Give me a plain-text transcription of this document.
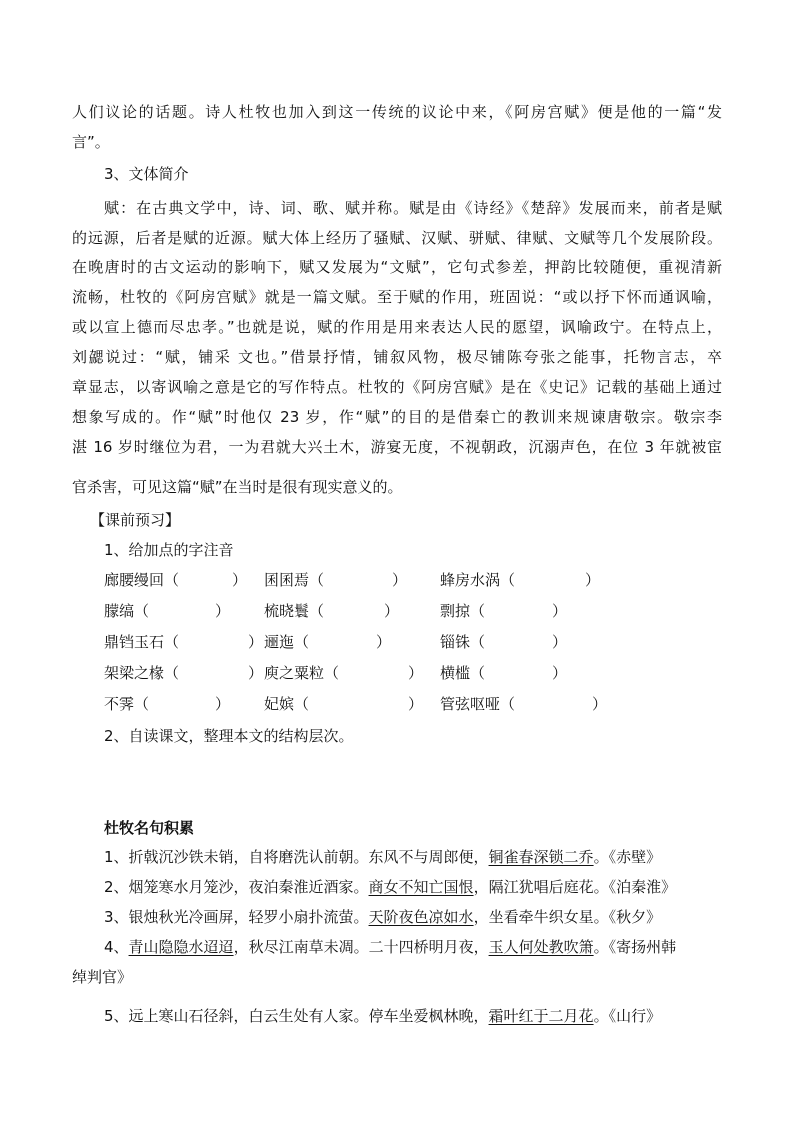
人们议论的话题。诗人杜牧也加入到这一传统的议论中来，《阿房宫赋》便是他的一篇“发
言”。
3、文体简介
赋：在古典文学中，诗、词、歌、赋并称。赋是由《诗经》《楚辞》发展而来，前者是赋
的远源，后者是赋的近源。赋大体上经历了骚赋、汉赋、骈赋、律赋、文赋等几个发展阶段。
在晚唐时的古文运动的影响下，赋又发展为“文赋”，它句式参差，押韵比较随便，重视清新
流畅，杜牧的《阿房宫赋》就是一篇文赋。至于赋的作用，班固说：“或以抒下怀而通讽喻，
或以宣上德而尽忠孝。”也就是说，赋的作用是用来表达人民的愿望，讽喻政宁。在特点上，
刘勰说过：“赋，铺采 文也。”借景抒情，铺叙风物，极尽铺陈夸张之能事，托物言志，卒
章显志，以寄讽喻之意是它的写作特点。杜牧的《阿房宫赋》是在《史记》记载的基础上通过
想象写成的。作“赋”时他仅 23 岁，作“赋”的目的是借秦亡的教训来规谏唐敬宗。敬宗李
湛 16 岁时继位为君，一为君就大兴土木，游宴无度，不视朝政，沉溺声色，在位 3 年就被宦
官杀害，可见这篇“赋”在当时是很有现实意义的。
【课前预习】
1、给加点的字注音
廊腰缦回（	） 囷囷焉（	） 蜂房水涡（	）
朦缟（	） 梳晓鬟（	）	剽掠（	）
鼎铛玉石（	） 逦迤（	）	锱铢（	）
架梁之椽（	） 庾之粟粒（	） 横槛（	）
不霁（	） 妃嫔（	） 管弦呕哑（	）
2、自读课文，整理本文的结构层次。
杜牧名句积累
1、折戟沉沙铁未销，自将磨洗认前朝。东风不与周郎便，铜雀春深锁二乔。《赤壁》
2、烟笼寒水月笼沙，夜泊秦淮近酒家。商女不知亡国恨，隔江犹唱后庭花。《泊秦淮》
3、银烛秋光冷画屏，轻罗小扇扑流萤。天阶夜色凉如水，坐看牵牛织女星。《秋夕》
4、青山隐隐水迢迢，秋尽江南草未凋。二十四桥明月夜，玉人何处教吹箫。《寄扬州韩
绰判官》
5、远上寒山石径斜，白云生处有人家。停车坐爱枫林晚，霜叶红于二月花。《山行》
